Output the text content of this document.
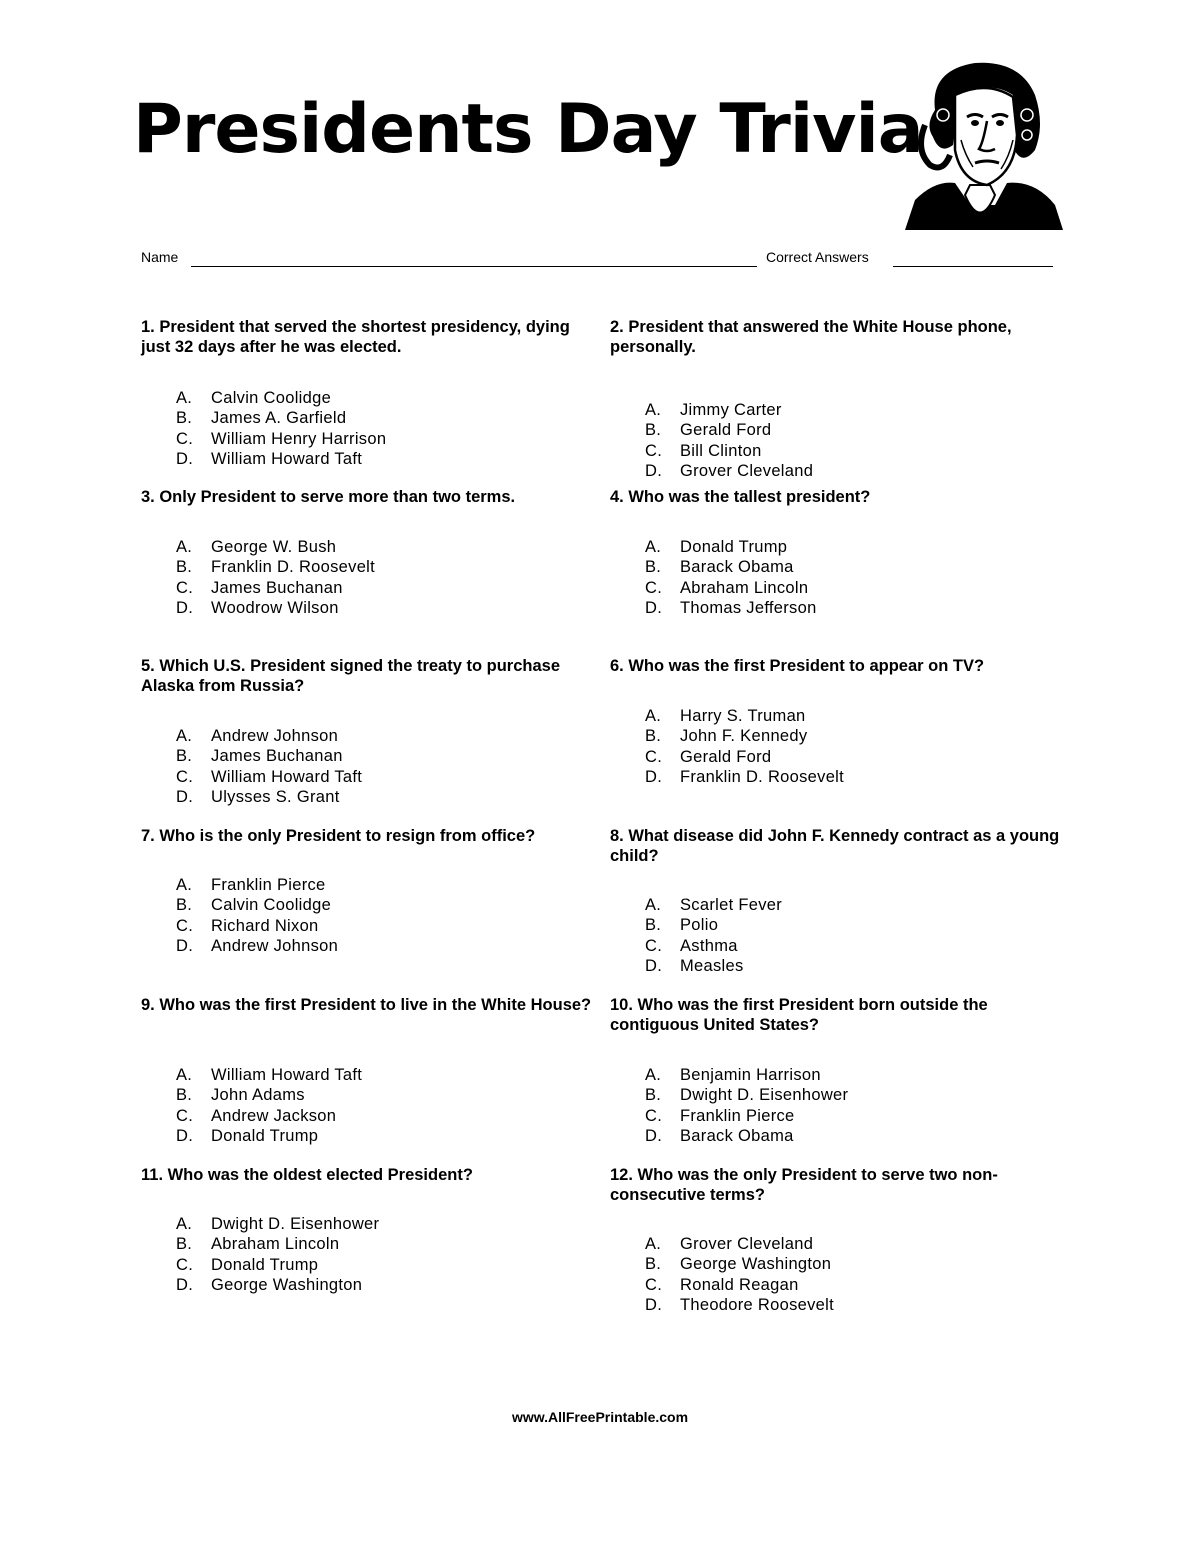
Presidents Day Trivia
Name	Correct Answers

1. President that served the shortest presidency, dying just 32 days after he was elected.

A. Calvin Coolidge
B. James A. Garfield
C. William Henry Harrison
D. William Howard Taft

2. President that answered the White House phone, personally.

A. Jimmy Carter
B. Gerald Ford
C. Bill Clinton
D. Grover Cleveland

3. Only President to serve more than two terms.

A. George W. Bush
B. Franklin D. Roosevelt
C. James Buchanan
D. Woodrow Wilson

4. Who was the tallest president?

A. Donald Trump
B. Barack Obama
C. Abraham Lincoln
D. Thomas Jefferson

5. Which U.S. President signed the treaty to purchase Alaska from Russia?

A. Andrew Johnson
B. James Buchanan
C. William Howard Taft
D. Ulysses S. Grant

6. Who was the first President to appear on TV?

A. Harry S. Truman
B. John F. Kennedy
C. Gerald Ford
D. Franklin D. Roosevelt

7. Who is the only President to resign from office?

A. Franklin Pierce
B. Calvin Coolidge
C. Richard Nixon
D. Andrew Johnson

8. What disease did John F. Kennedy contract as a young child?

A. Scarlet Fever
B. Polio
C. Asthma
D. Measles

9. Who was the first President to live in the White House?

A. William Howard Taft
B. John Adams
C. Andrew Jackson
D. Donald Trump

10. Who was the first President born outside the contiguous United States?

A. Benjamin Harrison
B. Dwight D. Eisenhower
C. Franklin Pierce
D. Barack Obama

11. Who was the oldest elected President?

A. Dwight D. Eisenhower
B. Abraham Lincoln
C. Donald Trump
D. George Washington

12. Who was the only President to serve two non-consecutive terms?

A. Grover Cleveland
B. George Washington
C. Ronald Reagan
D. Theodore Roosevelt
www.AllFreePrintable.com
